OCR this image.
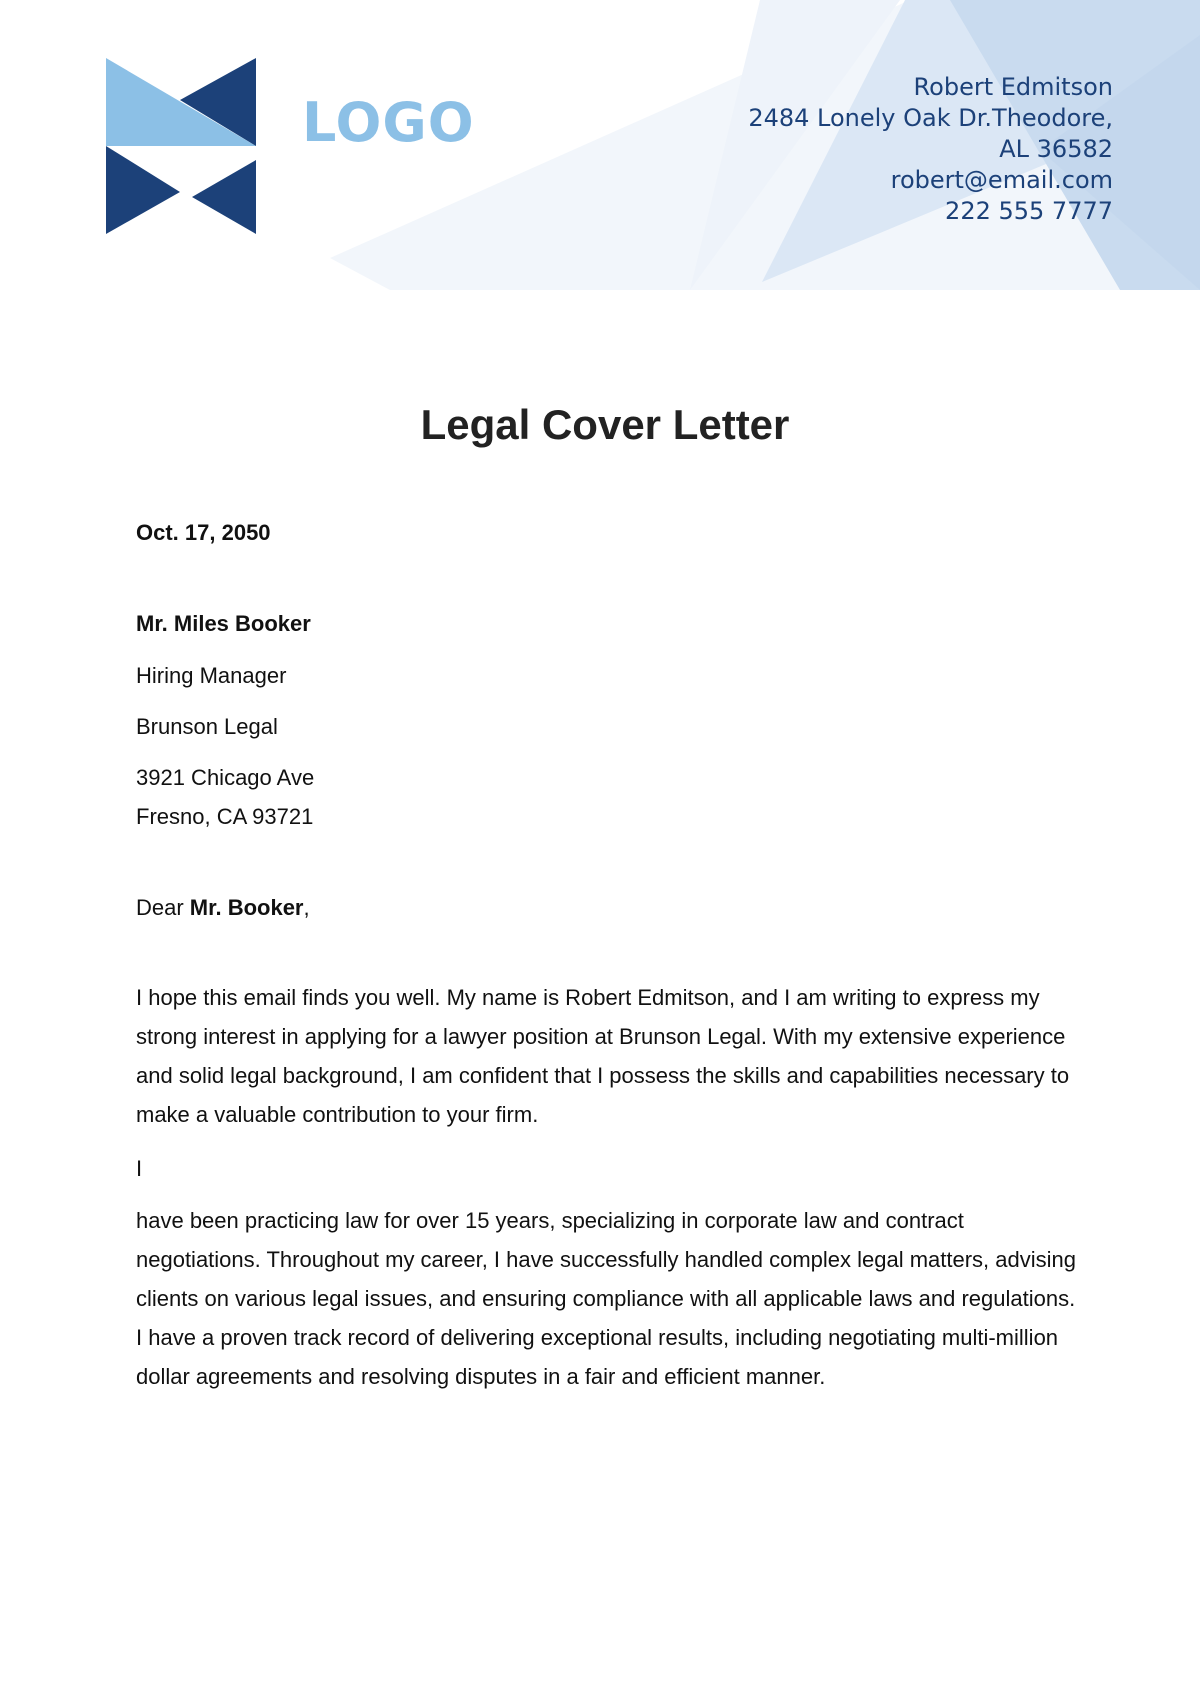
LOGO
Robert Edmitson
2484 Lonely Oak Dr.Theodore,
AL 36582
robert@email.com
222 555 7777
Legal Cover Letter
Oct. 17, 2050
Mr. Miles Booker
Hiring Manager
Brunson Legal
3921 Chicago Ave
Fresno, CA 93721
Dear Mr. Booker,
I hope this email finds you well. My name is Robert Edmitson, and I am writing to express my strong interest in applying for a lawyer position at Brunson Legal. With my extensive experience and solid legal background, I am confident that I possess the skills and capabilities necessary to make a valuable contribution to your firm.
I
have been practicing law for over 15 years, specializing in corporate law and contract negotiations. Throughout my career, I have successfully handled complex legal matters, advising clients on various legal issues, and ensuring compliance with all applicable laws and regulations. I have a proven track record of delivering exceptional results, including negotiating multi-million dollar agreements and resolving disputes in a fair and efficient manner.
